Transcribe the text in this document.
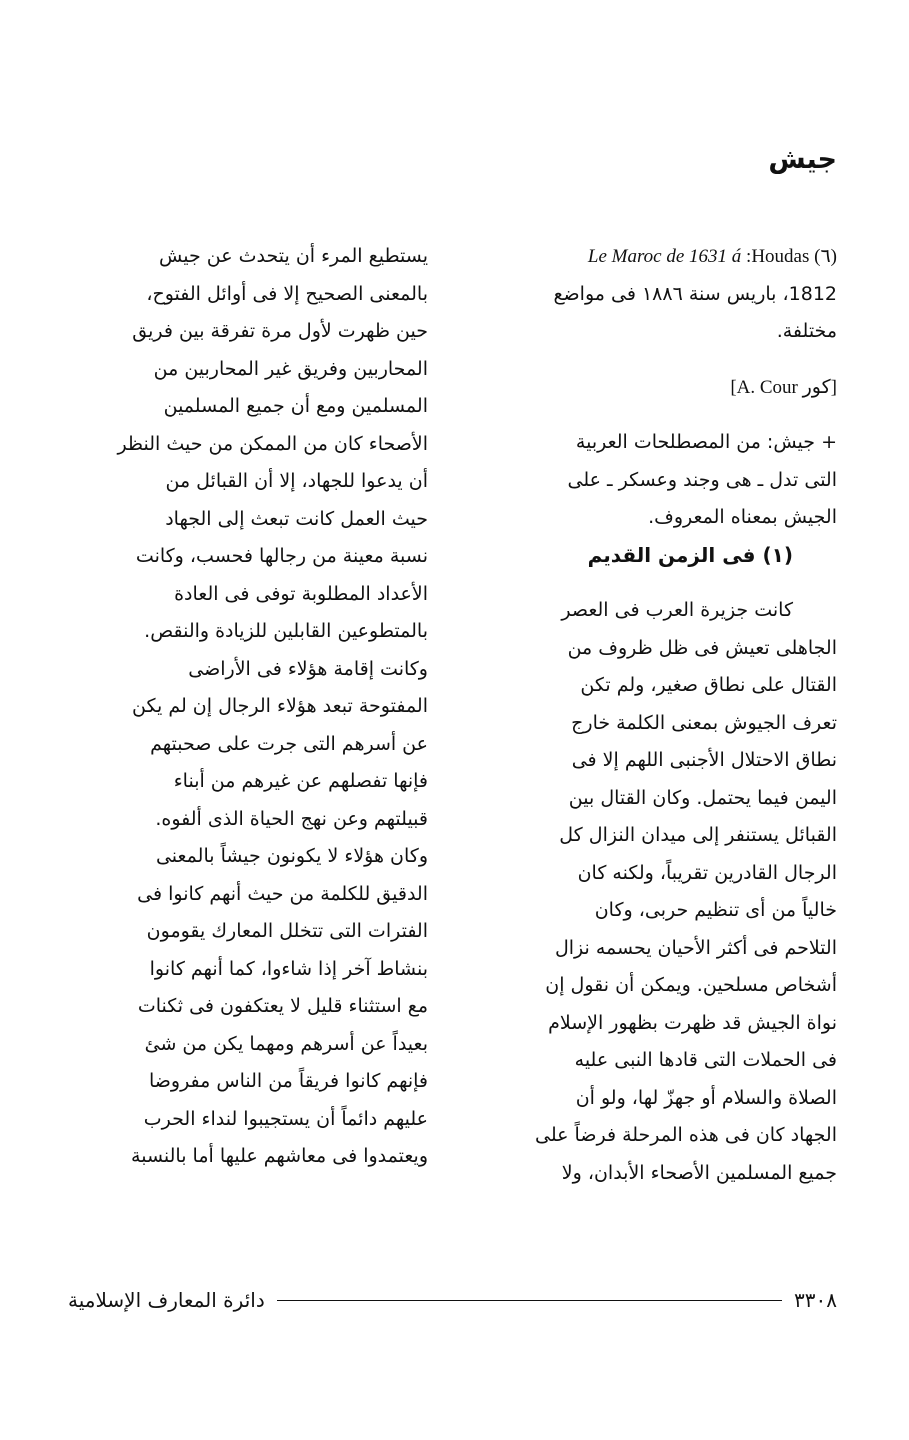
جيش
Le Maroc de 1631 á :Houdas (٦)
1812، باريس سنة ١٨٨٦ فى مواضع
مختلفة.
[A. Cour كور]
+ جيش: من المصطلحات العربية
التى تدل ـ هى وجند وعسكر ـ على
الجيش بمعناه المعروف.
(١) فى الزمن القديم
كانت جزيرة العرب فى العصر
الجاهلى تعيش فى ظل ظروف من
القتال على نطاق صغير، ولم تكن
تعرف الجيوش بمعنى الكلمة خارج
نطاق الاحتلال الأجنبى اللهم إلا فى
اليمن فيما يحتمل. وكان القتال بين
القبائل يستنفر إلى ميدان النزال كل
الرجال القادرين تقريباً، ولكنه كان
خالياً من أى تنظيم حربى، وكان
التلاحم فى أكثر الأحيان يحسمه نزال
أشخاص مسلحين. ويمكن أن نقول إن
نواة الجيش قد ظهرت بظهور الإسلام
فى الحملات التى قادها النبى عليه
الصلاة والسلام أو جهزّ لها، ولو أن
الجهاد كان فى هذه المرحلة فرضاً على
جميع المسلمين الأصحاء الأبدان، ولا
يستطيع المرء أن يتحدث عن جيش
بالمعنى الصحيح إلا فى أوائل الفتوح،
حين ظهرت لأول مرة تفرقة بين فريق
المحاربين وفريق غير المحاربين من
المسلمين ومع أن جميع المسلمين
الأصحاء كان من الممكن من حيث النظر
أن يدعوا للجهاد، إلا أن القبائل من
حيث العمل كانت تبعث إلى الجهاد
نسبة معينة من رجالها فحسب، وكانت
الأعداد المطلوبة توفى فى العادة
بالمتطوعين القابلين للزيادة والنقص.
وكانت إقامة هؤلاء فى الأراضى
المفتوحة تبعد هؤلاء الرجال إن لم يكن
عن أسرهم التى جرت على صحبتهم
فإنها تفصلهم عن غيرهم من أبناء
قبيلتهم وعن نهج الحياة الذى ألفوه.
وكان هؤلاء لا يكونون جيشاً بالمعنى
الدقيق للكلمة من حيث أنهم كانوا فى
الفترات التى تتخلل المعارك يقومون
بنشاط آخر إذا شاءوا، كما أنهم كانوا
مع استثناء قليل لا يعتكفون فى ثكنات
بعيداً عن أسرهم ومهما يكن من شئ
فإنهم كانوا فريقاً من الناس مفروضا
عليهم دائماً أن يستجيبوا لنداء الحرب
ويعتمدوا فى معاشهم عليها أما بالنسبة
دائرة المعارف الإسلامية	٣٣٠٨
